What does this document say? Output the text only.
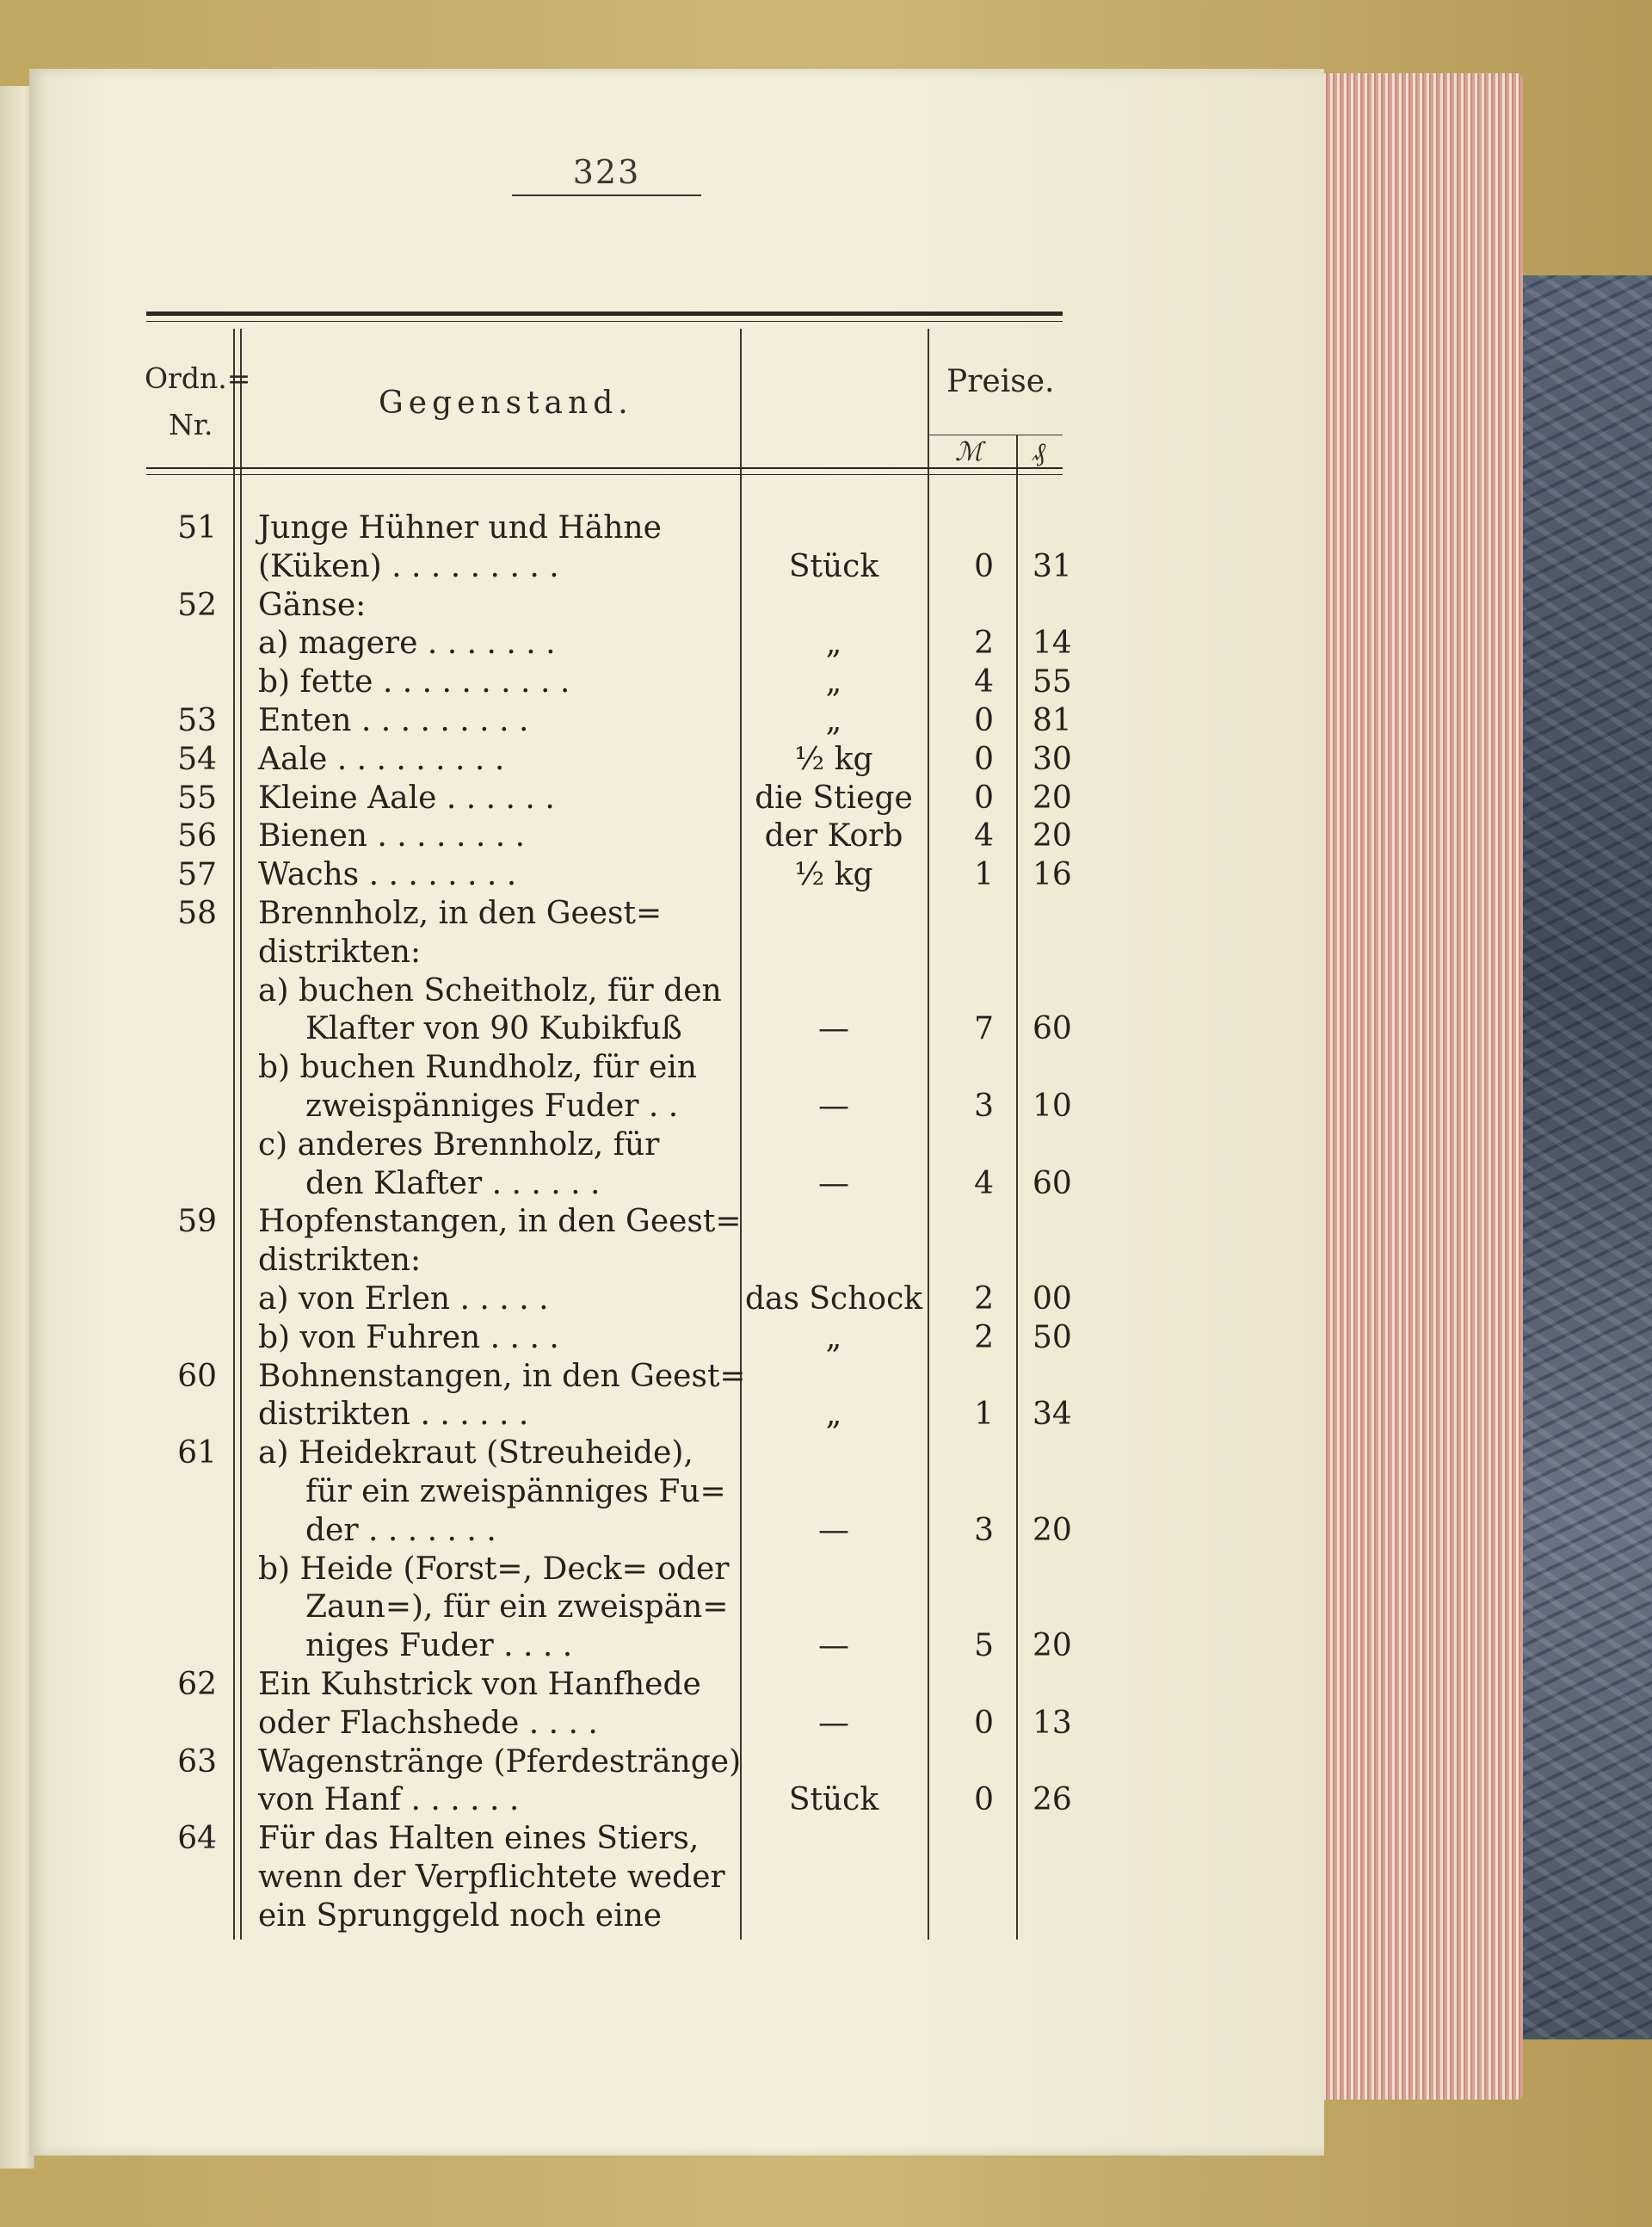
323
Ordn.=
Nr.
Gegenstand.
Preise.
ℳ ₰
51 Junge Hühner und Hähne
(Küken) . . . . . . . . .	Stück	0 31
52 Gänse:
a) magere . . . . . . .	„	2 14
b) fette . . . . . . . . . .	„	4 55
53 Enten . . . . . . . . .	„	0 81
54 Aale . . . . . . . . .	½ kg	0 30
55 Kleine Aale . . . . . .	die Stiege	0 20
56 Bienen . . . . . . . .	der Korb	4 20
57 Wachs . . . . . . . .	½ kg	1 16
58 Brennholz, in den Geest=
distrikten:
a) buchen Scheitholz, für den
Klafter von 90 Kubikfuß	—	7 60
b) buchen Rundholz, für ein
zweispänniges Fuder . .	—	3 10
c) anderes Brennholz, für
den Klafter . . . . . .	—	4 60
59 Hopfenstangen, in den Geest=
distrikten:
a) von Erlen . . . . .	das Schock	2 00
b) von Fuhren . . . .	„	2 50
60 Bohnenstangen, in den Geest=
distrikten . . . . . .	„	1 34
61 a) Heidekraut (Streuheide),
für ein zweispänniges Fu=
der . . . . . . .	—	3 20
b) Heide (Forst=, Deck= oder
Zaun=), für ein zweispän=
niges Fuder . . . .	—	5 20
62 Ein Kuhstrick von Hanfhede
oder Flachshede . . . .	—	0 13
63 Wagenstränge (Pferdestränge)
von Hanf . . . . . .	Stück	0 26
64 Für das Halten eines Stiers,
wenn der Verpflichtete weder
ein Sprunggeld noch eine
